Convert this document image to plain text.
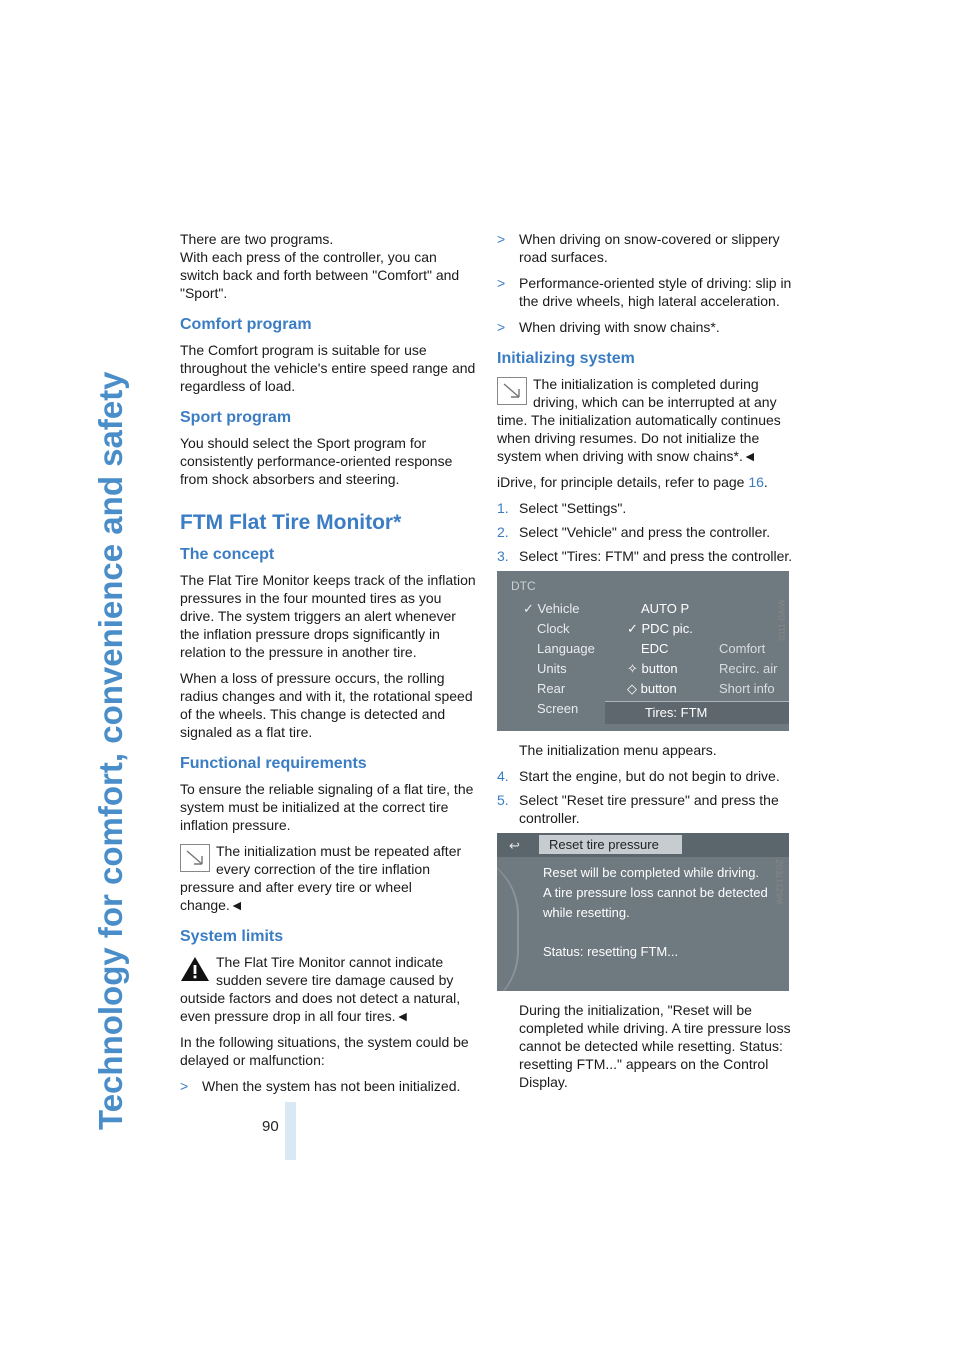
Technology for comfort, convenience and safety	90

There are two programs.

With each press of the controller, you can switch back and forth between "Comfort" and "Sport".

Comfort program

The Comfort program is suitable for use throughout the vehicle's entire speed range and regardless of load.

Sport program

You should select the Sport program for consistently performance-oriented response from shock absorbers and steering.

FTM Flat Tire Monitor*
The concept

The Flat Tire Monitor keeps track of the inflation pressures in the four mounted tires as you drive. The system triggers an alert whenever the inflation pressure drops significantly in relation to the pressure in another tire.

When a loss of pressure occurs, the rolling radius changes and with it, the rotational speed of the wheels. This change is detected and signaled as a flat tire.

Functional requirements

To ensure the reliable signaling of a flat tire, the system must be initialized at the correct tire inflation pressure.

The initialization must be repeated after every correction of the tire inflation pressure and after every tire or wheel change.◄
System limits
The Flat Tire Monitor cannot indicate sudden severe tire damage caused by outside factors and does not detect a natural, even pressure drop in all four tires.◄

In the following situations, the system could be delayed or malfunction:

> When the system has not been initialized.
> When driving on snow-covered or slippery road surfaces.
> Performance-oriented style of driving: slip in the drive wheels, high lateral acceleration.
> When driving with snow chains*.
Initializing system
The initialization is completed during driving, which can be interrupted at any time. The initialization automatically continues when driving resumes. Do not initialize the system when driving with snow chains*.◄

iDrive, for principle details, refer to page 16.

1. Select "Settings".
2. Select "Vehicle" and press the controller.
3. Select "Tires: FTM" and press the controller.
DTC
✓ Vehicle
Clock
Language
Units
Rear
Screen
AUTO P
✓ PDC pic.
EDC
✧ button
◇ button
Comfort
Recirc. air
Short info
Tires: FTM
0311-GAIW

The initialization menu appears.

4. Start the engine, but do not begin to drive.
5. Select "Reset tire pressure" and press the controller.
↩	Reset tire pressure
Reset will be completed while driving.
A tire pressure loss cannot be detected
while resetting.
Status: resetting FTM...
W6Z217E0Z

During the initialization, "Reset will be completed while driving. A tire pressure loss cannot be detected while resetting. Status: resetting FTM..." appears on the Control Display.
